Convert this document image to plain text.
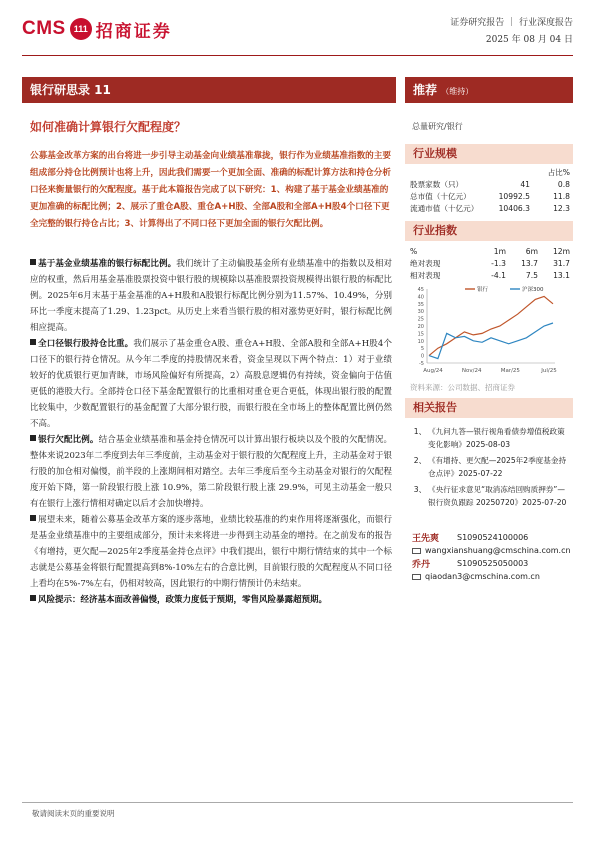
CMS 111 招商证券	证券研究报告 ｜ 行业深度报告
2025 年 08 月 04 日
银行研思录 11	推荐 （维持）
如何准确计算银行欠配程度？
公募基金改革方案的出台将进一步引导主动基金向业绩基准靠拢，银行作为业绩基准指数的主要组成部分持仓比例预计也将上升，因此我们需要一个更加全面、准确的标配计算方法和持仓分析口径来衡量银行的欠配程度。基于此本篇报告完成了以下研究：1、构建了基于基金业绩基准的更加准确的标配比例；2、展示了重仓A股、重仓A+H股、全部A股和全部A+H股4个口径下更全完整的银行持仓占比；3、计算得出了不同口径下更加全面的银行欠配比例。

基于基金业绩基准的银行标配比例。我们统计了主动偏股基金所有业绩基准中的指数以及相对应的权重，然后用基金基准股票投资中银行股的规模除以基准股票投资规模得出银行股的标配比例。2025年6月末基于基金基准的A+H股和A股银行标配比例分别为11.57%、10.49%，分别环比一季度末提高了1.29、1.23pct。从历史上来看当银行股的相对涨势更好时，银行标配比例相应提高。

全口径银行股持仓比重。我们展示了基金重仓A股、重仓A+H股、全部A股和全部A+H股4个口径下的银行持仓情况。从今年二季度的持股情况来看，资金呈现以下两个特点：1）对于业绩较好的优质银行更加青睐，市场风险偏好有所提高，2）高股息逻辑仍有持续，资金偏向于估值更低的港股大行。全部持仓口径下基金配置银行的比重相对重仓更合更低，体现出银行股的配置比较集中，少数配置银行的基金配置了大部分银行股，而银行股在全市场上的整体配置比例仍然不高。

银行欠配比例。结合基金业绩基准和基金持仓情况可以计算出银行板块以及个股的欠配情况。整体来说2023年二季度到去年三季度前，主动基金对于银行股的欠配程度上升，主动基金对于银行股的加仓相对偏慢，前半段的上涨期间相对踏空。去年三季度后至今主动基金对银行的欠配程度开始下降，第一阶段银行股上涨 10.9%，第二阶段银行股上涨 29.9%，可见主动基金一般只有在银行上涨行情相对确定以后才会加快增持。

展望未来，随着公募基金改革方案的逐步落地，业绩比较基准的约束作用将逐渐强化，而银行是基金业绩基准中的主要组成部分，预计未来将进一步得到主动基金的增持。在之前发布的报告《有增持，更欠配—2025年2季度基金持仓点评》中我们提出，银行中期行情结束的其中一个标志就是公募基金将银行配置提高到8%-10%左右的合意比例，目前银行股的欠配程度从不同口径上看均在5%-7%左右，仍相对较高，因此银行的中期行情预计仍未结束。

风险提示：经济基本面改善偏慢，政策力度低于预期，零售风险暴露超预期。

总量研究/银行
行业规模
占比%
股票家数（只）	41	0.8
总市值（十亿元）	10992.5	11.8
流通市值（十亿元）	10406.3	12.3
行业指数
%	1m	6m	12m
绝对表现	-1.3	13.7	31.7
相对表现	-4.1	7.5	13.1
45
40
35
30
25
20
15
10
5
0
-5
Aug/24	Nov/24	Mar/25	Jul/25
银行	沪深300
资料来源：公司数据、招商证券
相关报告
1、 《九问九答—银行视角看债券增值税政策变化影响》2025-08-03
2、 《有增持、更欠配—2025年2季度基金持仓点评》2025-07-22
3、 《央行征求意见“取消冻结回购质押券”—银行资负跟踪 20250720》2025-07-20
王先爽	S1090524100006
wangxianshuang@cmschina.com.cn
乔丹	S1090525050003
qiaodan3@cmschina.com.cn
敬请阅读末页的重要说明
